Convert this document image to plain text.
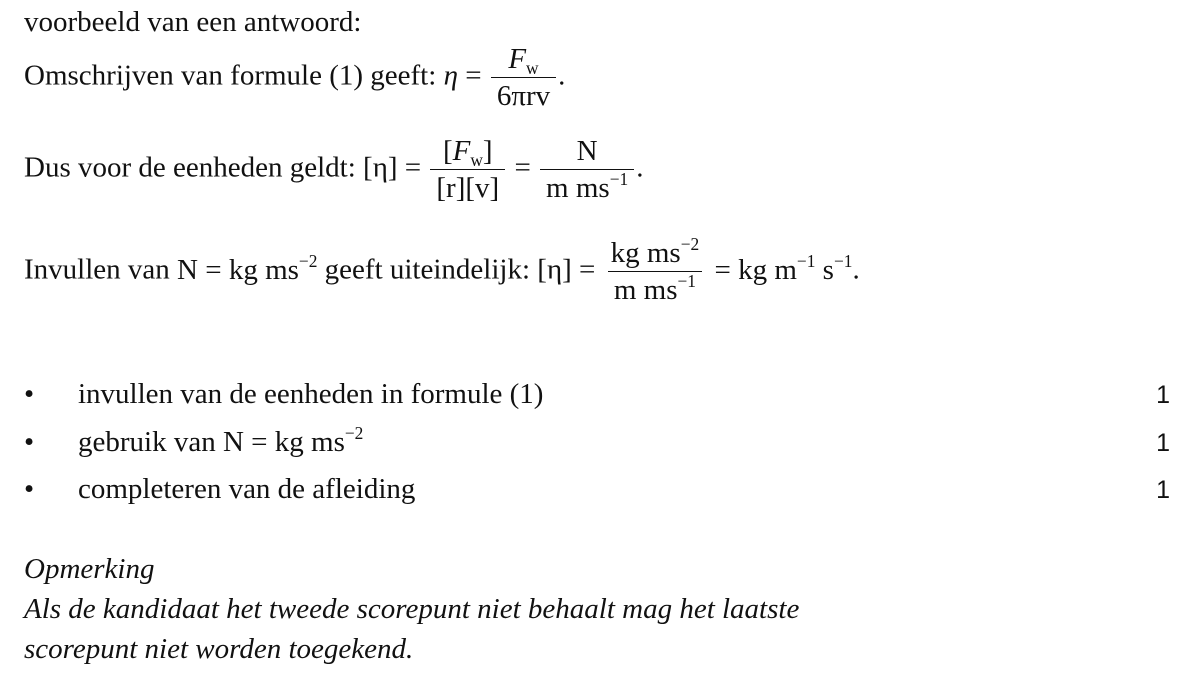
voorbeeld van een antwoord:
Omschrijven van formule (1) geeft: η =
$F_w$
6πrv
.
Dus voor de eenheden geldt: $[\eta] = \frac{[F_w]}{[r][v]} = \frac{N}{m ms^{-1}}$ .
Invullen van N = kg $ms^{-2}$ geeft uiteindelijk: $[\eta] = \frac{kg ms^{-2}}{m ms^{-1}}$ = kg $m^{-1}$ $s^{-1}$.
• invullen van de eenheden in formule (1)	1
• gebruik van N = kg $ms^{-2}$	1
• completeren van de afleiding	1
Opmerking
Als de kandidaat het tweede scorepunt niet behaalt mag het laatste
scorepunt niet worden toegekend.
